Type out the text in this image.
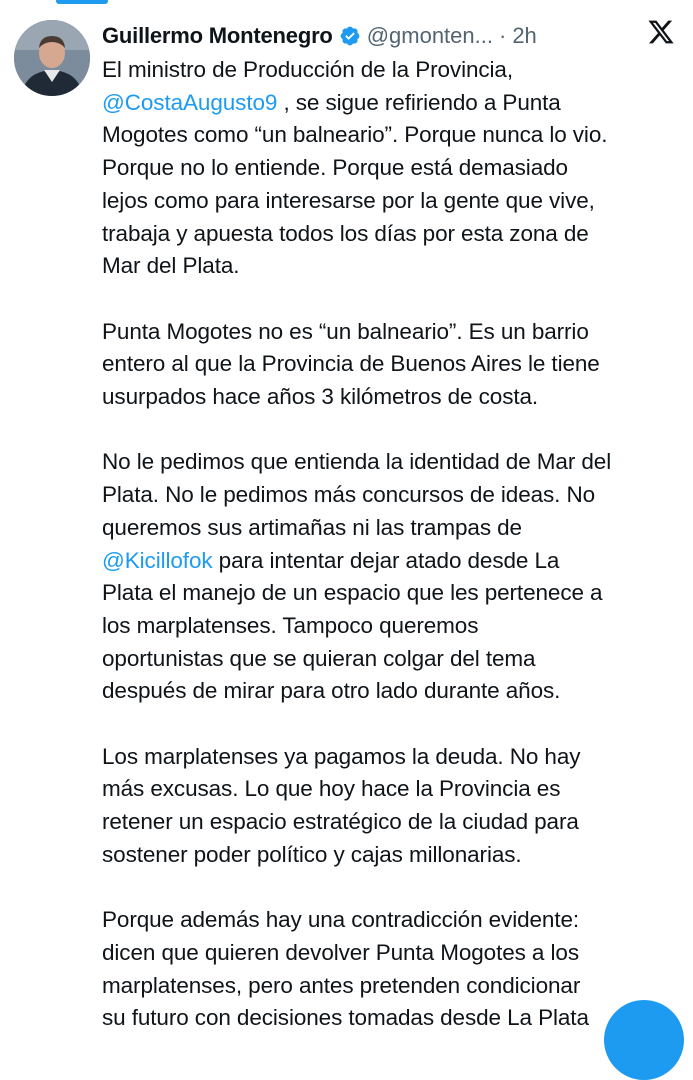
Guillermo Montenegro @gmonten... · 2h
El ministro de Producción de la Provincia,
@CostaAugusto9 , se sigue refiriendo a Punta
Mogotes como “un balneario”. Porque nunca lo vio.
Porque no lo entiende. Porque está demasiado
lejos como para interesarse por la gente que vive,
trabaja y apuesta todos los días por esta zona de
Mar del Plata.
Punta Mogotes no es “un balneario”. Es un barrio
entero al que la Provincia de Buenos Aires le tiene
usurpados hace años 3 kilómetros de costa.
No le pedimos que entienda la identidad de Mar del
Plata. No le pedimos más concursos de ideas. No
queremos sus artimañas ni las trampas de
@Kicillofok para intentar dejar atado desde La
Plata el manejo de un espacio que les pertenece a
los marplatenses. Tampoco queremos
oportunistas que se quieran colgar del tema
después de mirar para otro lado durante años.
Los marplatenses ya pagamos la deuda. No hay
más excusas. Lo que hoy hace la Provincia es
retener un espacio estratégico de la ciudad para
sostener poder político y cajas millonarias.
Porque además hay una contradicción evidente:
dicen que quieren devolver Punta Mogotes a los
marplatenses, pero antes pretenden condicionar
su futuro con decisiones tomadas desde La Plata
